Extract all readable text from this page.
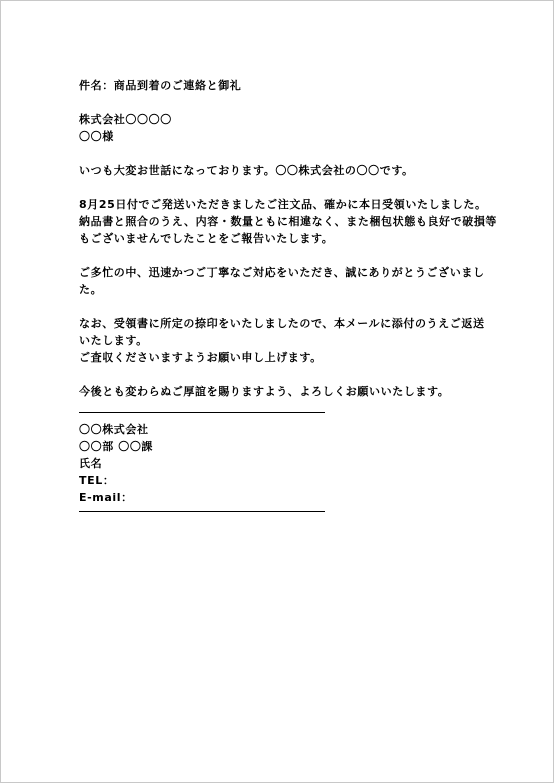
件名：商品到着のご連絡と御礼
株式会社〇〇〇〇
〇〇様
いつも大変お世話になっております。〇〇株式会社の〇〇です。
8月25日付でご発送いただきましたご注文品、確かに本日受領いたしました。
納品書と照合のうえ、内容・数量ともに相違なく、また梱包状態も良好で破損等
もございませんでしたことをご報告いたします。
ご多忙の中、迅速かつご丁寧なご対応をいただき、誠にありがとうございまし
た。
なお、受領書に所定の捺印をいたしましたので、本メールに添付のうえご返送
いたします。
ご査収くださいますようお願い申し上げます。
今後とも変わらぬご厚誼を賜りますよう、よろしくお願いいたします。
〇〇株式会社
〇〇部 〇〇課
氏名
TEL：
E-mail：
